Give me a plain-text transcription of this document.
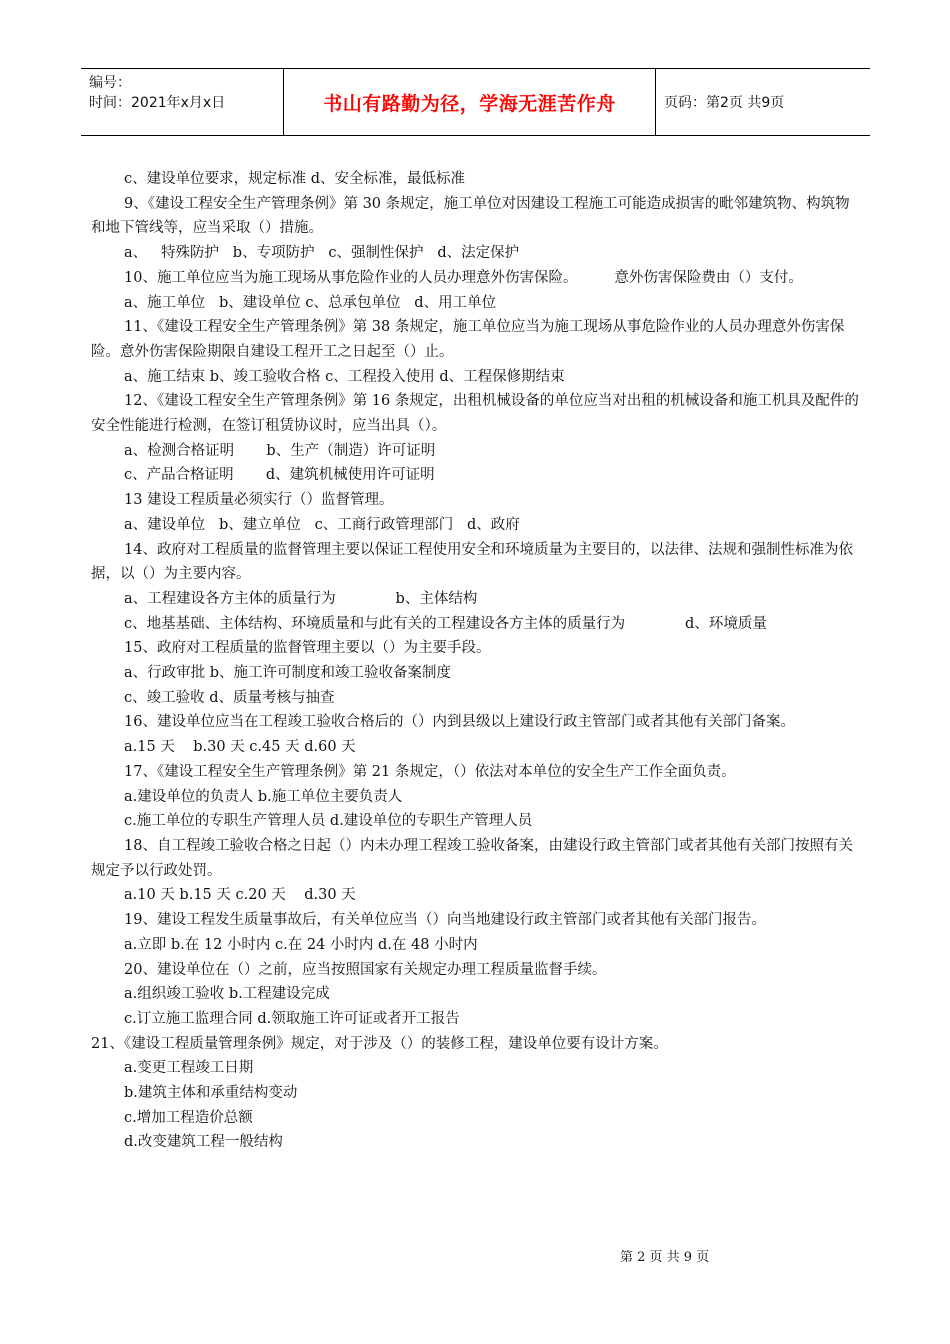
编号：
时间：2021年x月x日	书山有路勤为径，学海无涯苦作舟	页码：第2页 共9页

c、建设单位要求，规定标准 d、安全标准，最低标准

9、《建设工程安全生产管理条例》第 30 条规定，施工单位对因建设工程施工可能造成损害的毗邻建筑物、构筑物和地下管线等，应当采取（）措施。

a、   特殊防护   b、专项防护   c、强制性保护   d、法定保护

10、施工单位应当为施工现场从事危险作业的人员办理意外伤害保险。        意外伤害保险费由（）支付。

a、施工单位   b、建设单位 c、总承包单位   d、用工单位

11、《建设工程安全生产管理条例》第 38 条规定，施工单位应当为施工现场从事危险作业的人员办理意外伤害保险。意外伤害保险期限自建设工程开工之日起至（）止。

a、施工结束 b、竣工验收合格 c、工程投入使用 d、工程保修期结束

12、《建设工程安全生产管理条例》第 16 条规定，出租机械设备的单位应当对出租的机械设备和施工机具及配件的安全性能进行检测，在签订租赁协议时，应当出具（）。

a、检测合格证明       b、生产（制造）许可证明

c、产品合格证明       d、建筑机械使用许可证明

13 建设工程质量必须实行（）监督管理。

a、建设单位   b、建立单位   c、工商行政管理部门   d、政府

14、政府对工程质量的监督管理主要以保证工程使用安全和环境质量为主要目的，以法律、法规和强制性标准为依据，以（）为主要内容。

a、工程建设各方主体的质量行为             b、主体结构

c、地基基础、主体结构、环境质量和与此有关的工程建设各方主体的质量行为             d、环境质量

15、政府对工程质量的监督管理主要以（）为主要手段。

a、行政审批 b、施工许可制度和竣工验收备案制度

c、竣工验收 d、质量考核与抽查

16、建设单位应当在工程竣工验收合格后的（）内到县级以上建设行政主管部门或者其他有关部门备案。

a.15 天    b.30 天 c.45 天 d.60 天

17、《建设工程安全生产管理条例》第 21 条规定，（）依法对本单位的安全生产工作全面负责。

a.建设单位的负责人 b.施工单位主要负责人

c.施工单位的专职生产管理人员 d.建设单位的专职生产管理人员

18、自工程竣工验收合格之日起（）内未办理工程竣工验收备案，由建设行政主管部门或者其他有关部门按照有关规定予以行政处罚。

a.10 天 b.15 天 c.20 天    d.30 天

19、建设工程发生质量事故后，有关单位应当（）向当地建设行政主管部门或者其他有关部门报告。

a.立即 b.在 12 小时内 c.在 24 小时内 d.在 48 小时内

20、建设单位在（）之前，应当按照国家有关规定办理工程质量监督手续。

a.组织竣工验收 b.工程建设完成

c.订立施工监理合同 d.领取施工许可证或者开工报告

21、《建设工程质量管理条例》规定，对于涉及（）的装修工程，建设单位要有设计方案。

a.变更工程竣工日期

b.建筑主体和承重结构变动

c.增加工程造价总额

d.改变建筑工程一般结构

第 2 页 共 9 页
